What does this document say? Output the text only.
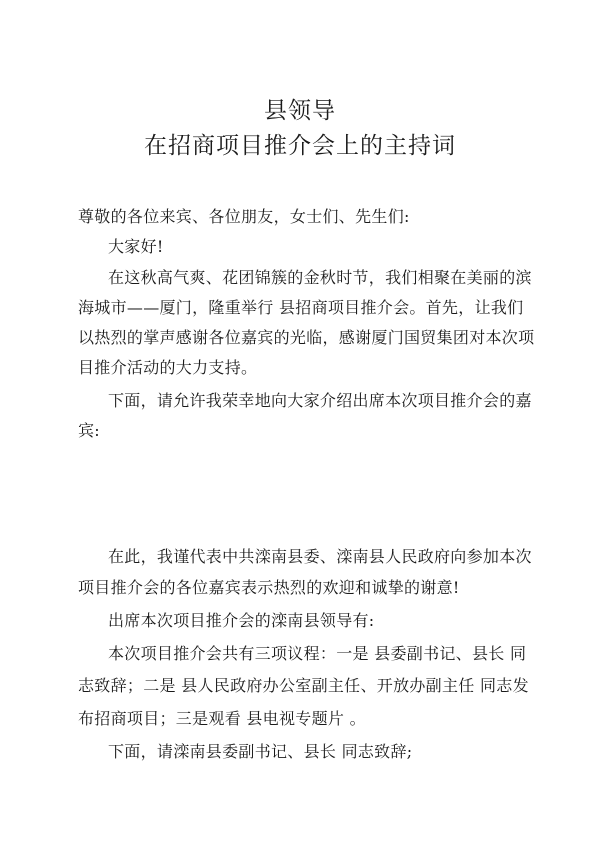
县领导
在招商项目推介会上的主持词
尊敬的各位来宾、各位朋友，女士们、先生们:
大家好!
在这秋高气爽、花团锦簇的金秋时节，我们相聚在美丽的滨
海城市——厦门，隆重举行 县招商项目推介会。首先，让我们
以热烈的掌声感谢各位嘉宾的光临，感谢厦门国贸集团对本次项
目推介活动的大力支持。
下面，请允许我荣幸地向大家介绍出席本次项目推介会的嘉
宾:
在此，我谨代表中共滦南县委、滦南县人民政府向参加本次
项目推介会的各位嘉宾表示热烈的欢迎和诚挚的谢意!
出席本次项目推介会的滦南县领导有:
本次项目推介会共有三项议程：一是 县委副书记、县长 同
志致辞；二是 县人民政府办公室副主任、开放办副主任 同志发
布招商项目；三是观看 县电视专题片 。
下面，请滦南县委副书记、县长 同志致辞;
